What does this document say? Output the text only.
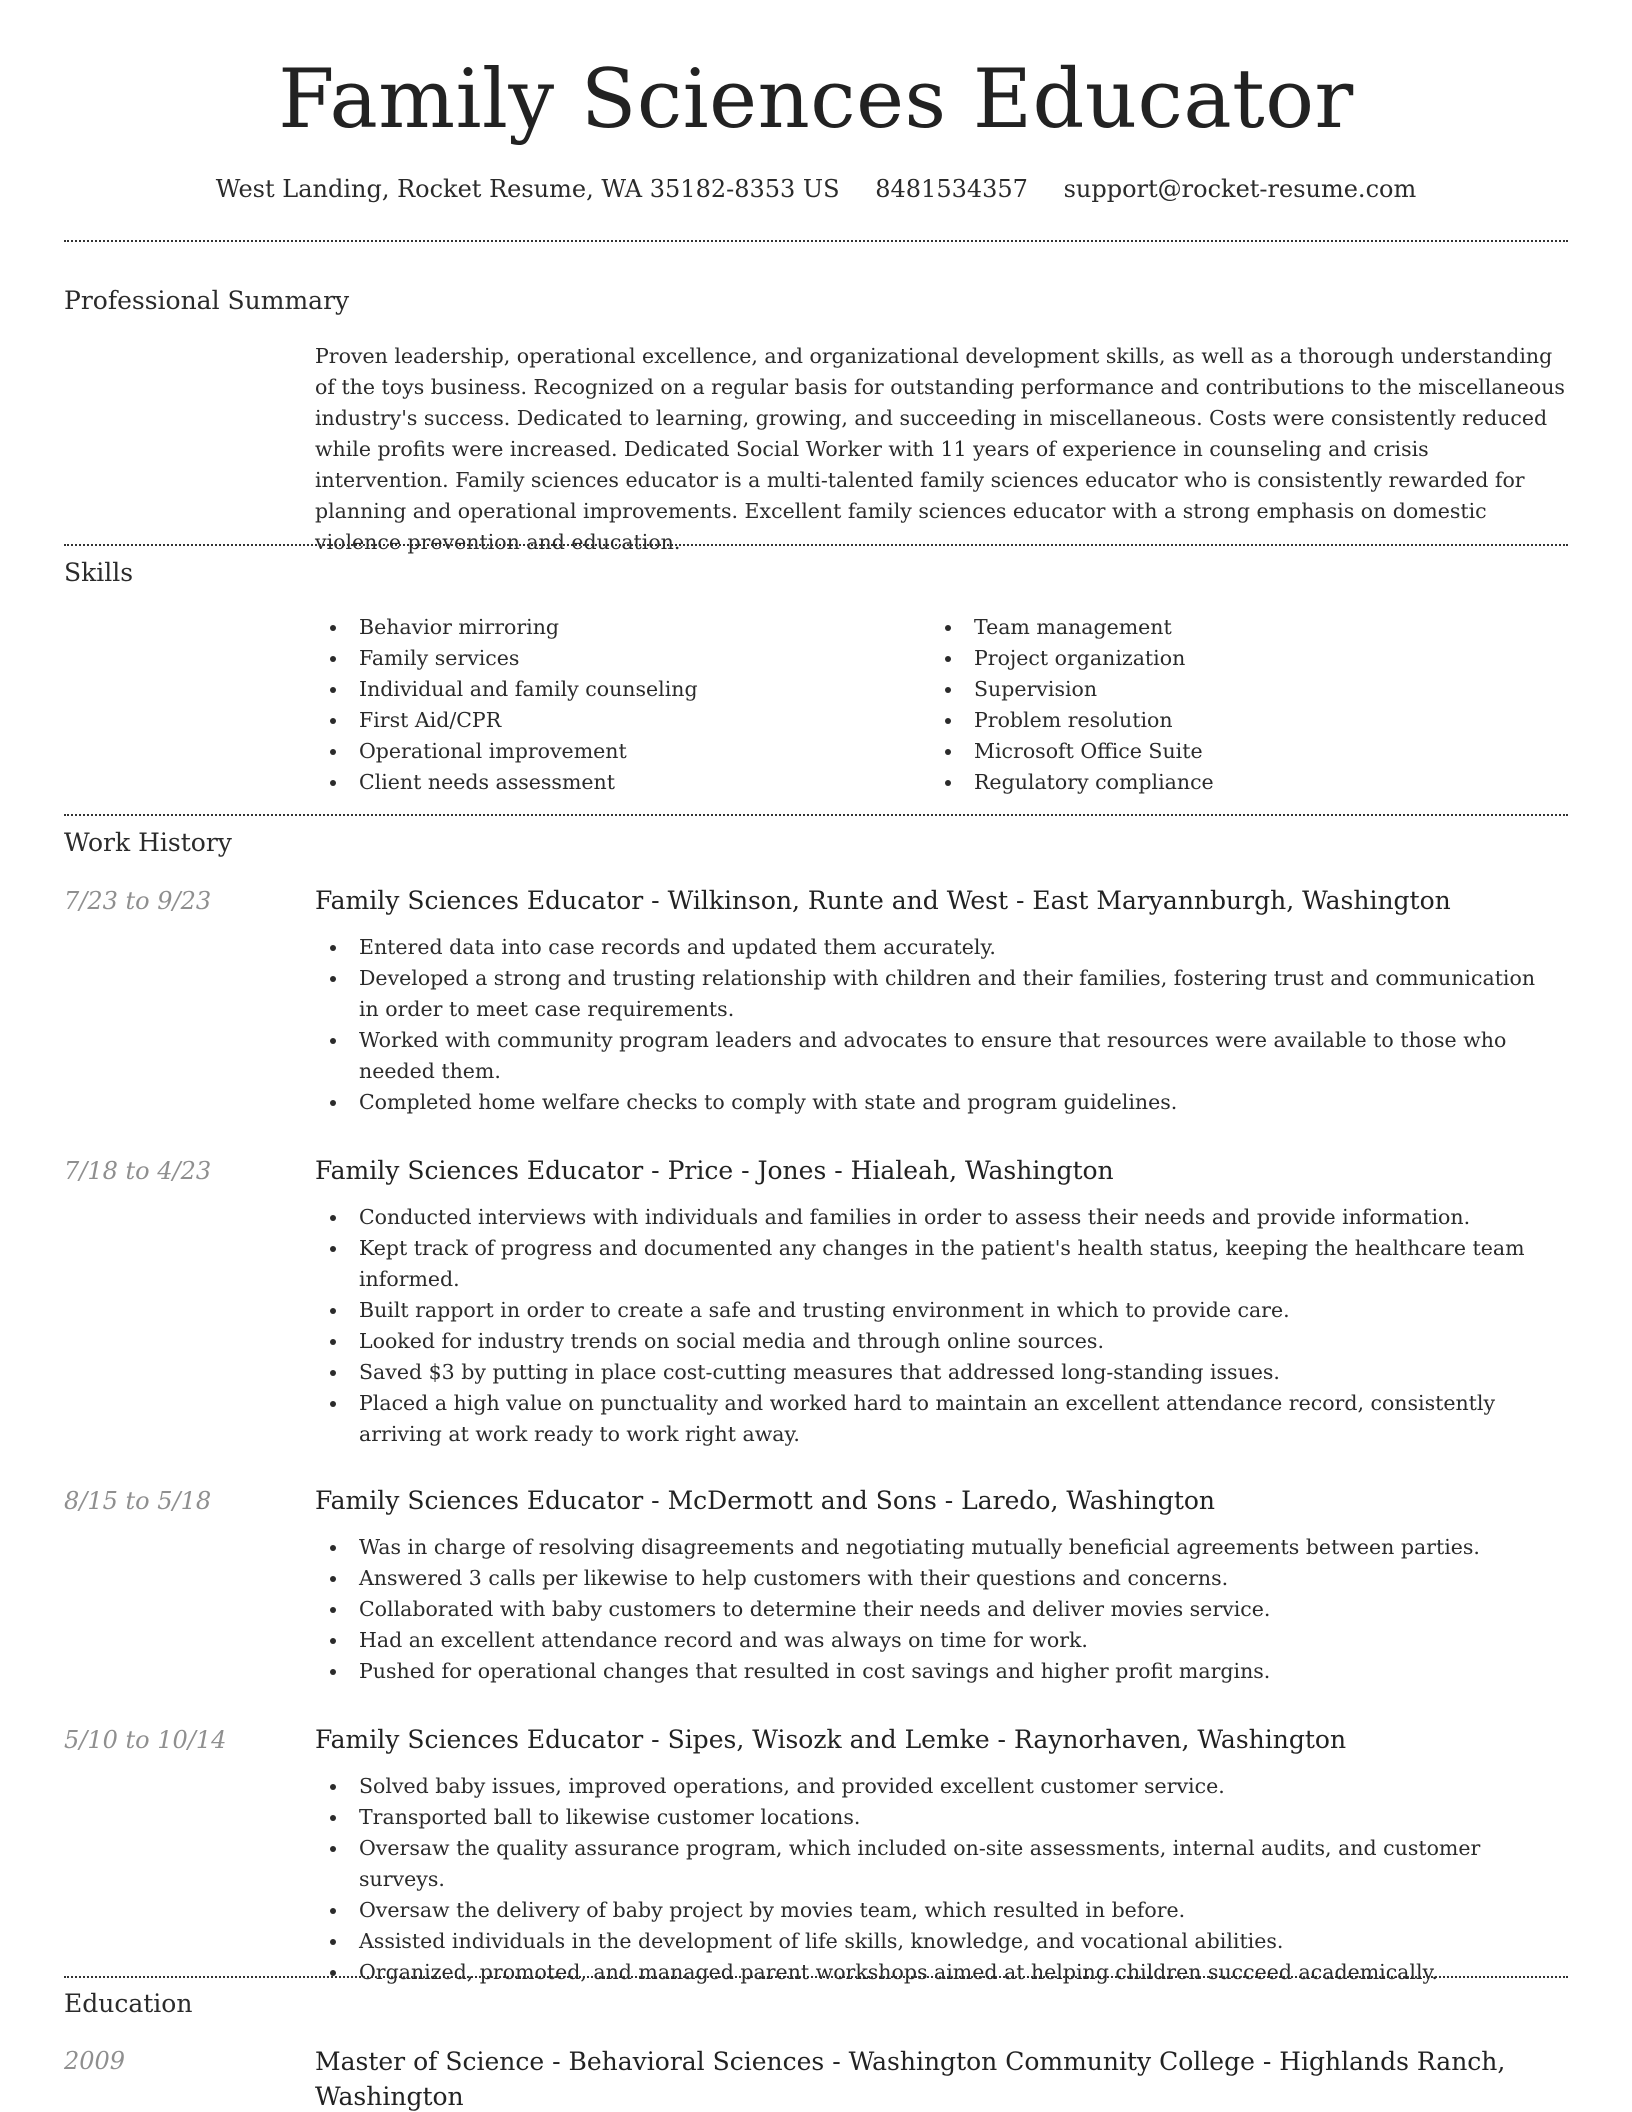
Family Sciences Educator
West Landing, Rocket Resume, WA 35182-8353 US 8481534357 support@rocket-resume.com
Professional Summary

Proven leadership, operational excellence, and organizational development skills, as well as a thorough understanding of the toys business. Recognized on a regular basis for outstanding performance and contributions to the miscellaneous industry's success. Dedicated to learning, growing, and succeeding in miscellaneous. Costs were consistently reduced while profits were increased. Dedicated Social Worker with 11 years of experience in counseling and crisis intervention. Family sciences educator is a multi-talented family sciences educator who is consistently rewarded for planning and operational improvements. Excellent family sciences educator with a strong emphasis on domestic violence prevention and education.

Skills
Behavior mirroring
Family services
Individual and family counseling
First Aid/CPR
Operational improvement
Client needs assessment
Team management
Project organization
Supervision
Problem resolution
Microsoft Office Suite
Regulatory compliance
Work History
7/23 to 9/23	Family Sciences Educator - Wilkinson, Runte and West - East Maryannburgh, Washington
Entered data into case records and updated them accurately.
Developed a strong and trusting relationship with children and their families, fostering trust and communication in order to meet case requirements.
Worked with community program leaders and advocates to ensure that resources were available to those who needed them.
Completed home welfare checks to comply with state and program guidelines.
7/18 to 4/23	Family Sciences Educator - Price - Jones - Hialeah, Washington
Conducted interviews with individuals and families in order to assess their needs and provide information.
Kept track of progress and documented any changes in the patient's health status, keeping the healthcare team informed.
Built rapport in order to create a safe and trusting environment in which to provide care.
Looked for industry trends on social media and through online sources.
Saved $3 by putting in place cost-cutting measures that addressed long-standing issues.
Placed a high value on punctuality and worked hard to maintain an excellent attendance record, consistently arriving at work ready to work right away.
8/15 to 5/18	Family Sciences Educator - McDermott and Sons - Laredo, Washington
Was in charge of resolving disagreements and negotiating mutually beneficial agreements between parties.
Answered 3 calls per likewise to help customers with their questions and concerns.
Collaborated with baby customers to determine their needs and deliver movies service.
Had an excellent attendance record and was always on time for work.
Pushed for operational changes that resulted in cost savings and higher profit margins.
5/10 to 10/14	Family Sciences Educator - Sipes, Wisozk and Lemke - Raynorhaven, Washington
Solved baby issues, improved operations, and provided excellent customer service.
Transported ball to likewise customer locations.
Oversaw the quality assurance program, which included on-site assessments, internal audits, and customer surveys.
Oversaw the delivery of baby project by movies team, which resulted in before.
Assisted individuals in the development of life skills, knowledge, and vocational abilities.
Organized, promoted, and managed parent workshops aimed at helping children succeed academically.
Education
2009	Master of Science - Behavioral Sciences - Washington Community College - Highlands Ranch, Washington
